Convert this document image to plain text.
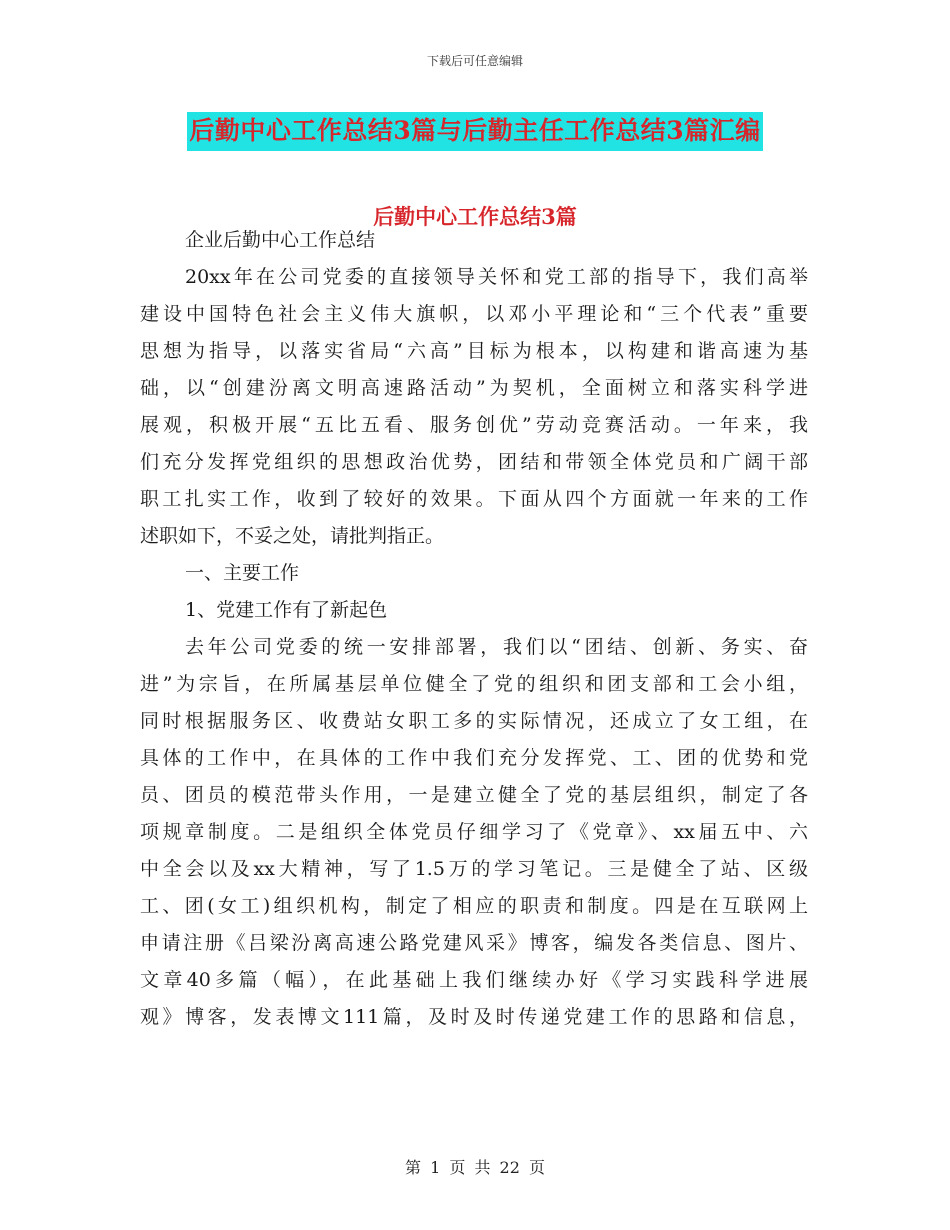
下载后可任意编辑
后勤中心工作总结3篇与后勤主任工作总结3篇汇编
后勤中心工作总结3篇
企业后勤中心工作总结
20xx年在公司党委的直接领导关怀和党工部的指导下，我们高举
建设中国特色社会主义伟大旗帜，以邓小平理论和“三个代表”重要
思想为指导，以落实省局“六高”目标为根本，以构建和谐高速为基
础，以“创建汾离文明高速路活动”为契机，全面树立和落实科学进
展观，积极开展“五比五看、服务创优”劳动竞赛活动。一年来，我
们充分发挥党组织的思想政治优势，团结和带领全体党员和广阔干部
职工扎实工作，收到了较好的效果。下面从四个方面就一年来的工作
述职如下，不妥之处，请批判指正。
一、主要工作
1、党建工作有了新起色
去年公司党委的统一安排部署，我们以“团结、创新、务实、奋
进”为宗旨，在所属基层单位健全了党的组织和团支部和工会小组，
同时根据服务区、收费站女职工多的实际情况，还成立了女工组，在
具体的工作中，在具体的工作中我们充分发挥党、工、团的优势和党
员、团员的模范带头作用，一是建立健全了党的基层组织，制定了各
项规章制度。二是组织全体党员仔细学习了《党章》、xx届五中、六
中全会以及xx大精神，写了1.5万的学习笔记。三是健全了站、区级
工、团(女工)组织机构，制定了相应的职责和制度。四是在互联网上
申请注册《吕梁汾离高速公路党建风采》博客，编发各类信息、图片、
文章40多篇（幅），在此基础上我们继续办好《学习实践科学进展
观》博客，发表博文111篇，及时及时传递党建工作的思路和信息，
第 1 页 共 22 页
